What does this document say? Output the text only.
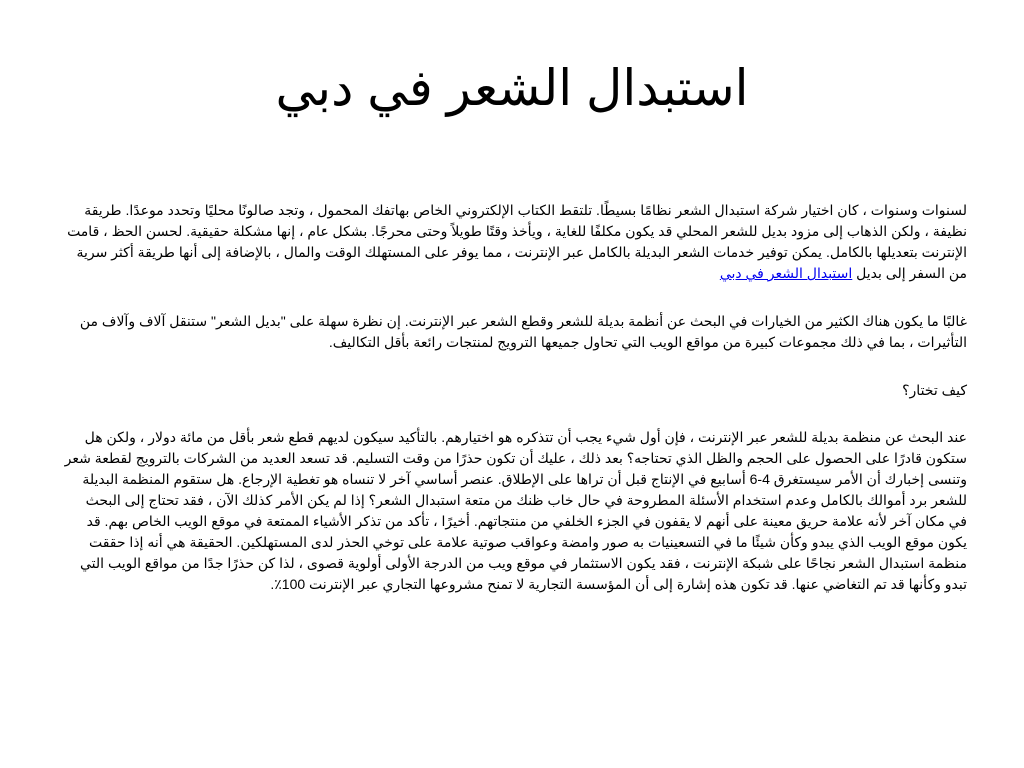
استبدال الشعر في دبي

لسنوات وسنوات ، كان اختيار شركة استبدال الشعر نظامًا بسيطًا. تلتقط الكتاب الإلكتروني الخاص بهاتفك المحمول ، وتجد صالونًا محليًا وتحدد موعدًا. طريقة نظيفة ، ولكن الذهاب إلى مزود بديل للشعر المحلي قد يكون مكلفًا للغاية ، ويأخذ وقتًا طويلاً وحتى محرجًا. بشكل عام ، إنها مشكلة حقيقية. لحسن الحظ ، قامت الإنترنت بتعديلها بالكامل. يمكن توفير خدمات الشعر البديلة بالكامل عبر الإنترنت ، مما يوفر على المستهلك الوقت والمال ، بالإضافة إلى أنها طريقة أكثر سرية من السفر إلى بديل استبدال الشعر في دبي

غالبًا ما يكون هناك الكثير من الخيارات في البحث عن أنظمة بديلة للشعر وقطع الشعر عبر الإنترنت. إن نظرة سهلة على "بديل الشعر" ستنقل آلاف وآلاف من التأثيرات ، بما في ذلك مجموعات كبيرة من مواقع الويب التي تحاول جميعها الترويج لمنتجات رائعة بأقل التكاليف.

كيف تختار؟

عند البحث عن منظمة بديلة للشعر عبر الإنترنت ، فإن أول شيء يجب أن تتذكره هو اختيارهم. بالتأكيد سيكون لديهم قطع شعر بأقل من مائة دولار ، ولكن هل ستكون قادرًا على الحصول على الحجم والظل الذي تحتاجه؟ بعد ذلك ، عليك أن تكون حذرًا من وقت التسليم. قد تسعد العديد من الشركات بالترويج لقطعة شعر وتنسى إخبارك أن الأمر سيستغرق 4-6 أسابيع في الإنتاج قبل أن تراها على الإطلاق. عنصر أساسي آخر لا تنساه هو تغطية الإرجاع. هل ستقوم المنظمة البديلة للشعر برد أموالك بالكامل وعدم استخدام الأسئلة المطروحة في حال خاب ظنك من متعة استبدال الشعر؟ إذا لم يكن الأمر كذلك الآن ، فقد تحتاج إلى البحث في مكان آخر لأنه علامة حريق معينة على أنهم لا يقفون في الجزء الخلفي من منتجاتهم. أخيرًا ، تأكد من تذكر الأشياء الممتعة في موقع الويب الخاص بهم. قد يكون موقع الويب الذي يبدو وكأن شيئًا ما في التسعينيات به صور وامضة وعواقب صوتية علامة على توخي الحذر لدى المستهلكين. الحقيقة هي أنه إذا حققت منظمة استبدال الشعر نجاحًا على شبكة الإنترنت ، فقد يكون الاستثمار في موقع ويب من الدرجة الأولى أولوية قصوى ، لذا كن حذرًا جدًا من مواقع الويب التي تبدو وكأنها قد تم التغاضي عنها. قد تكون هذه إشارة إلى أن المؤسسة التجارية لا تمنح مشروعها التجاري عبر الإنترنت 100٪.
